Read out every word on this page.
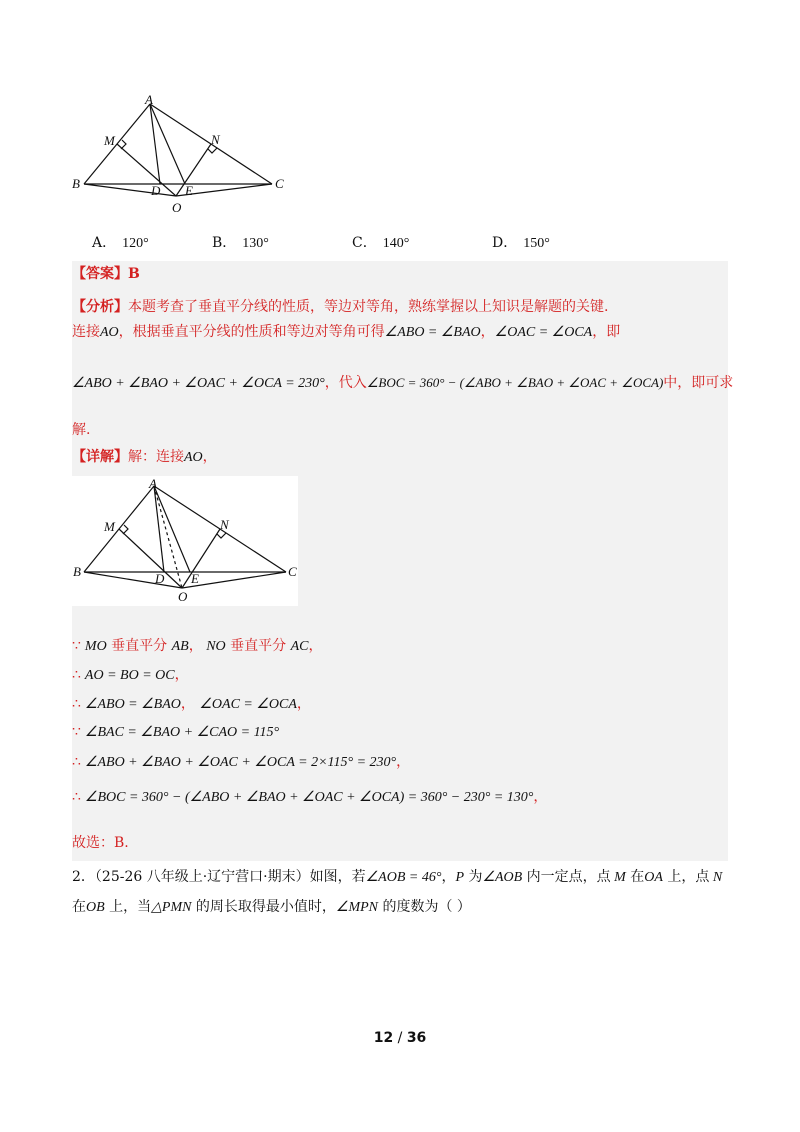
A
M	N
B	C
D E
O
A． 120°	B． 130°	C． 140°	D． 150°
【答案】B
【分析】本题考查了垂直平分线的性质，等边对等角，熟练掌握以上知识是解题的关键.
连接AO，根据垂直平分线的性质和等边对等角可得∠ABO = ∠BAO，∠OAC = ∠OCA，即
∠ABO + ∠BAO + ∠OAC + ∠OCA = 230°，代入∠BOC = 360° − (∠ABO + ∠BAO + ∠OAC + ∠OCA)中，即可求
解.
【详解】解：连接AO，
A
M	N
B	C
D E
O
∵ MO 垂直平分 AB， NO 垂直平分 AC，
∴ AO = BO = OC，
∴ ∠ABO = ∠BAO， ∠OAC = ∠OCA，
∵ ∠BAC = ∠BAO + ∠CAO = 115°
∴ ∠ABO + ∠BAO + ∠OAC + ∠OCA = 2×115° = 230°，
∴ ∠BOC = 360° − (∠ABO + ∠BAO + ∠OAC + ∠OCA) = 360° − 230° = 130°，
故选：B.
2．（25-26 八年级上·辽宁营口·期末）如图，若∠AOB = 46°，P 为∠AOB 内一定点，点 M 在OA 上，点 N
在OB 上，当△PMN 的周长取得最小值时，∠MPN 的度数为（ ）
12 / 36
